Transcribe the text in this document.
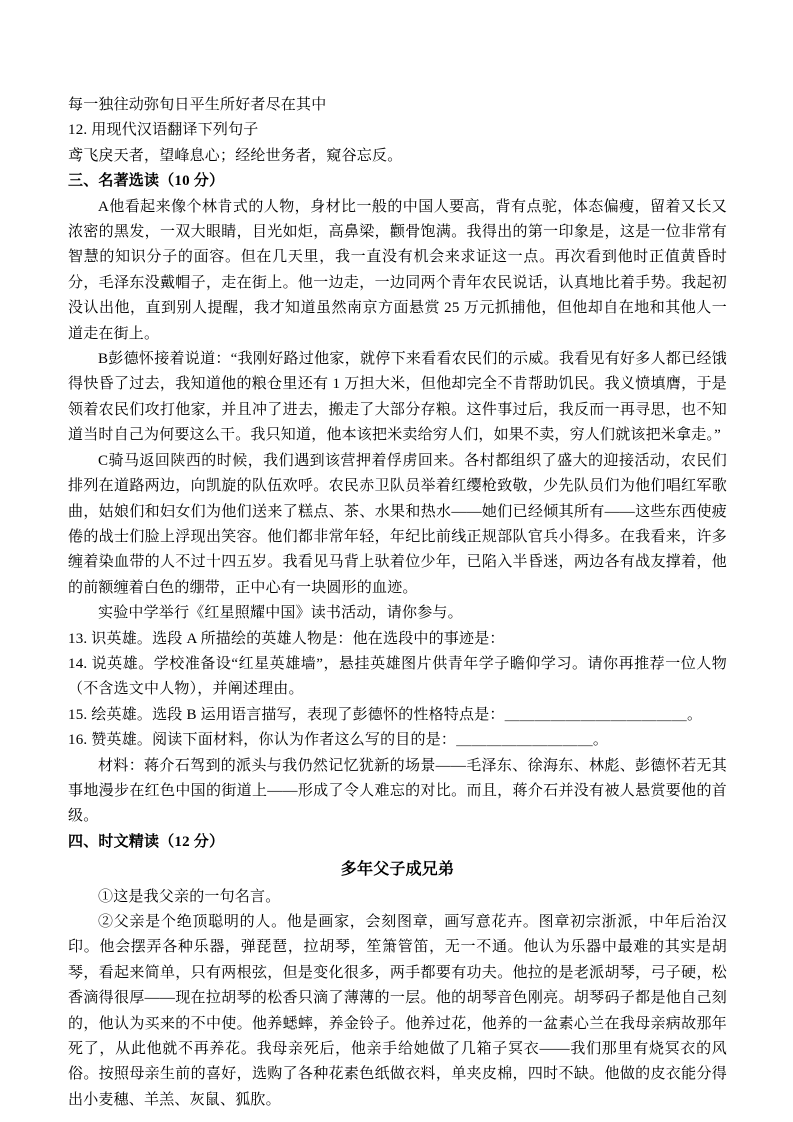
每一独往动弥旬日平生所好者尽在其中

12. 用现代汉语翻译下列句子

鸢飞戾天者，望峰息心；经纶世务者，窥谷忘反。

三、名著选读（10 分）

A他看起来像个林肯式的人物，身材比一般的中国人要高，背有点驼，体态偏瘦，留着又长又浓密的黑发，一双大眼睛，目光如炬，高鼻梁，颧骨饱满。我得出的第一印象是，这是一位非常有智慧的知识分子的面容。但在几天里，我一直没有机会来求证这一点。再次看到他时正值黄昏时分，毛泽东没戴帽子，走在街上。他一边走，一边同两个青年农民说话，认真地比着手势。我起初没认出他，直到别人提醒，我才知道虽然南京方面悬赏 25 万元抓捕他，但他却自在地和其他人一道走在街上。

B彭德怀接着说道：“我刚好路过他家，就停下来看看农民们的示威。我看见有好多人都已经饿得快昏了过去，我知道他的粮仓里还有 1 万担大米，但他却完全不肯帮助饥民。我义愤填膺，于是领着农民们攻打他家，并且冲了进去，搬走了大部分存粮。这件事过后，我反而一再寻思，也不知道当时自己为何要这么干。我只知道，他本该把米卖给穷人们，如果不卖，穷人们就该把米拿走。”

C骑马返回陕西的时候，我们遇到该营押着俘虏回来。各村都组织了盛大的迎接活动，农民们排列在道路两边，向凯旋的队伍欢呼。农民赤卫队员举着红缨枪致敬，少先队员们为他们唱红军歌曲，姑娘们和妇女们为他们送来了糕点、茶、水果和热水——她们已经倾其所有——这些东西使疲倦的战士们脸上浮现出笑容。他们都非常年轻，年纪比前线正规部队官兵小得多。在我看来，许多缠着染血带的人不过十四五岁。我看见马背上驮着位少年，已陷入半昏迷，两边各有战友撑着，他的前额缠着白色的绷带，正中心有一块圆形的血迹。

实验中学举行《红星照耀中国》读书活动，请你参与。

13. 识英雄。选段 A 所描绘的英雄人物是：他在选段中的事迹是：

14. 说英雄。学校准备设“红星英雄墙”，悬挂英雄图片供青年学子瞻仰学习。请你再推荐一位人物（不含选文中人物），并阐述理由。

15. 绘英雄。选段 B 运用语言描写，表现了彭德怀的性格特点是：＿＿＿＿＿＿＿＿＿＿＿＿。

16. 赞英雄。阅读下面材料，你认为作者这么写的目的是：＿＿＿＿＿＿＿＿＿。

材料：蒋介石驾到的派头与我仍然记忆犹新的场景——毛泽东、徐海东、林彪、彭德怀若无其事地漫步在红色中国的街道上——形成了令人难忘的对比。而且，蒋介石并没有被人悬赏要他的首级。

四、时文精读（12 分）

多年父子成兄弟

①这是我父亲的一句名言。

②父亲是个绝顶聪明的人。他是画家，会刻图章，画写意花卉。图章初宗浙派，中年后治汉印。他会摆弄各种乐器，弹琵琶，拉胡琴，笙箫管笛，无一不通。他认为乐器中最难的其实是胡琴，看起来简单，只有两根弦，但是变化很多，两手都要有功夫。他拉的是老派胡琴，弓子硬，松香滴得很厚——现在拉胡琴的松香只滴了薄薄的一层。他的胡琴音色刚亮。胡琴码子都是他自己刻的，他认为买来的不中使。他养蟋蟀，养金铃子。他养过花，他养的一盆素心兰在我母亲病故那年死了，从此他就不再养花。我母亲死后，他亲手给她做了几箱子冥衣——我们那里有烧冥衣的风俗。按照母亲生前的喜好，选购了各种花素色纸做衣料，单夹皮棉，四时不缺。他做的皮衣能分得出小麦穗、羊羔、灰鼠、狐肷。
